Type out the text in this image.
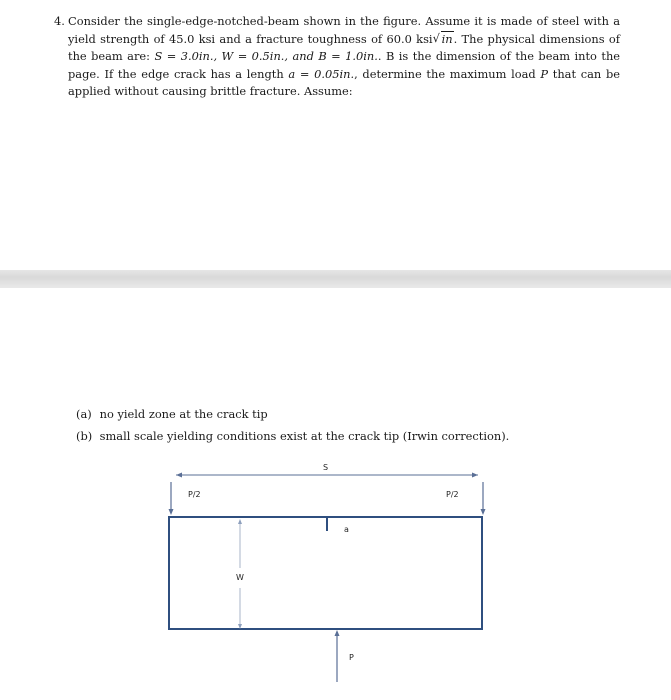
4. Consider the single-edge-notched-beam shown in the figure. Assume it is made of steel with a yield strength of 45.0 ksi and a fracture toughness of 60.0 ksi√ in. The physical dimensions of the beam are: S = 3.0in., W = 0.5in., and B = 1.0in.. B is the dimension of the beam into the page. If the edge crack has a length a = 0.05in., determine the maximum load P that can be applied without causing brittle fracture. Assume:
(a) no yield zone at the crack tip
(b) small scale yielding conditions exist at the crack tip (Irwin correction).
S
P/2	P/2
a
W
P
